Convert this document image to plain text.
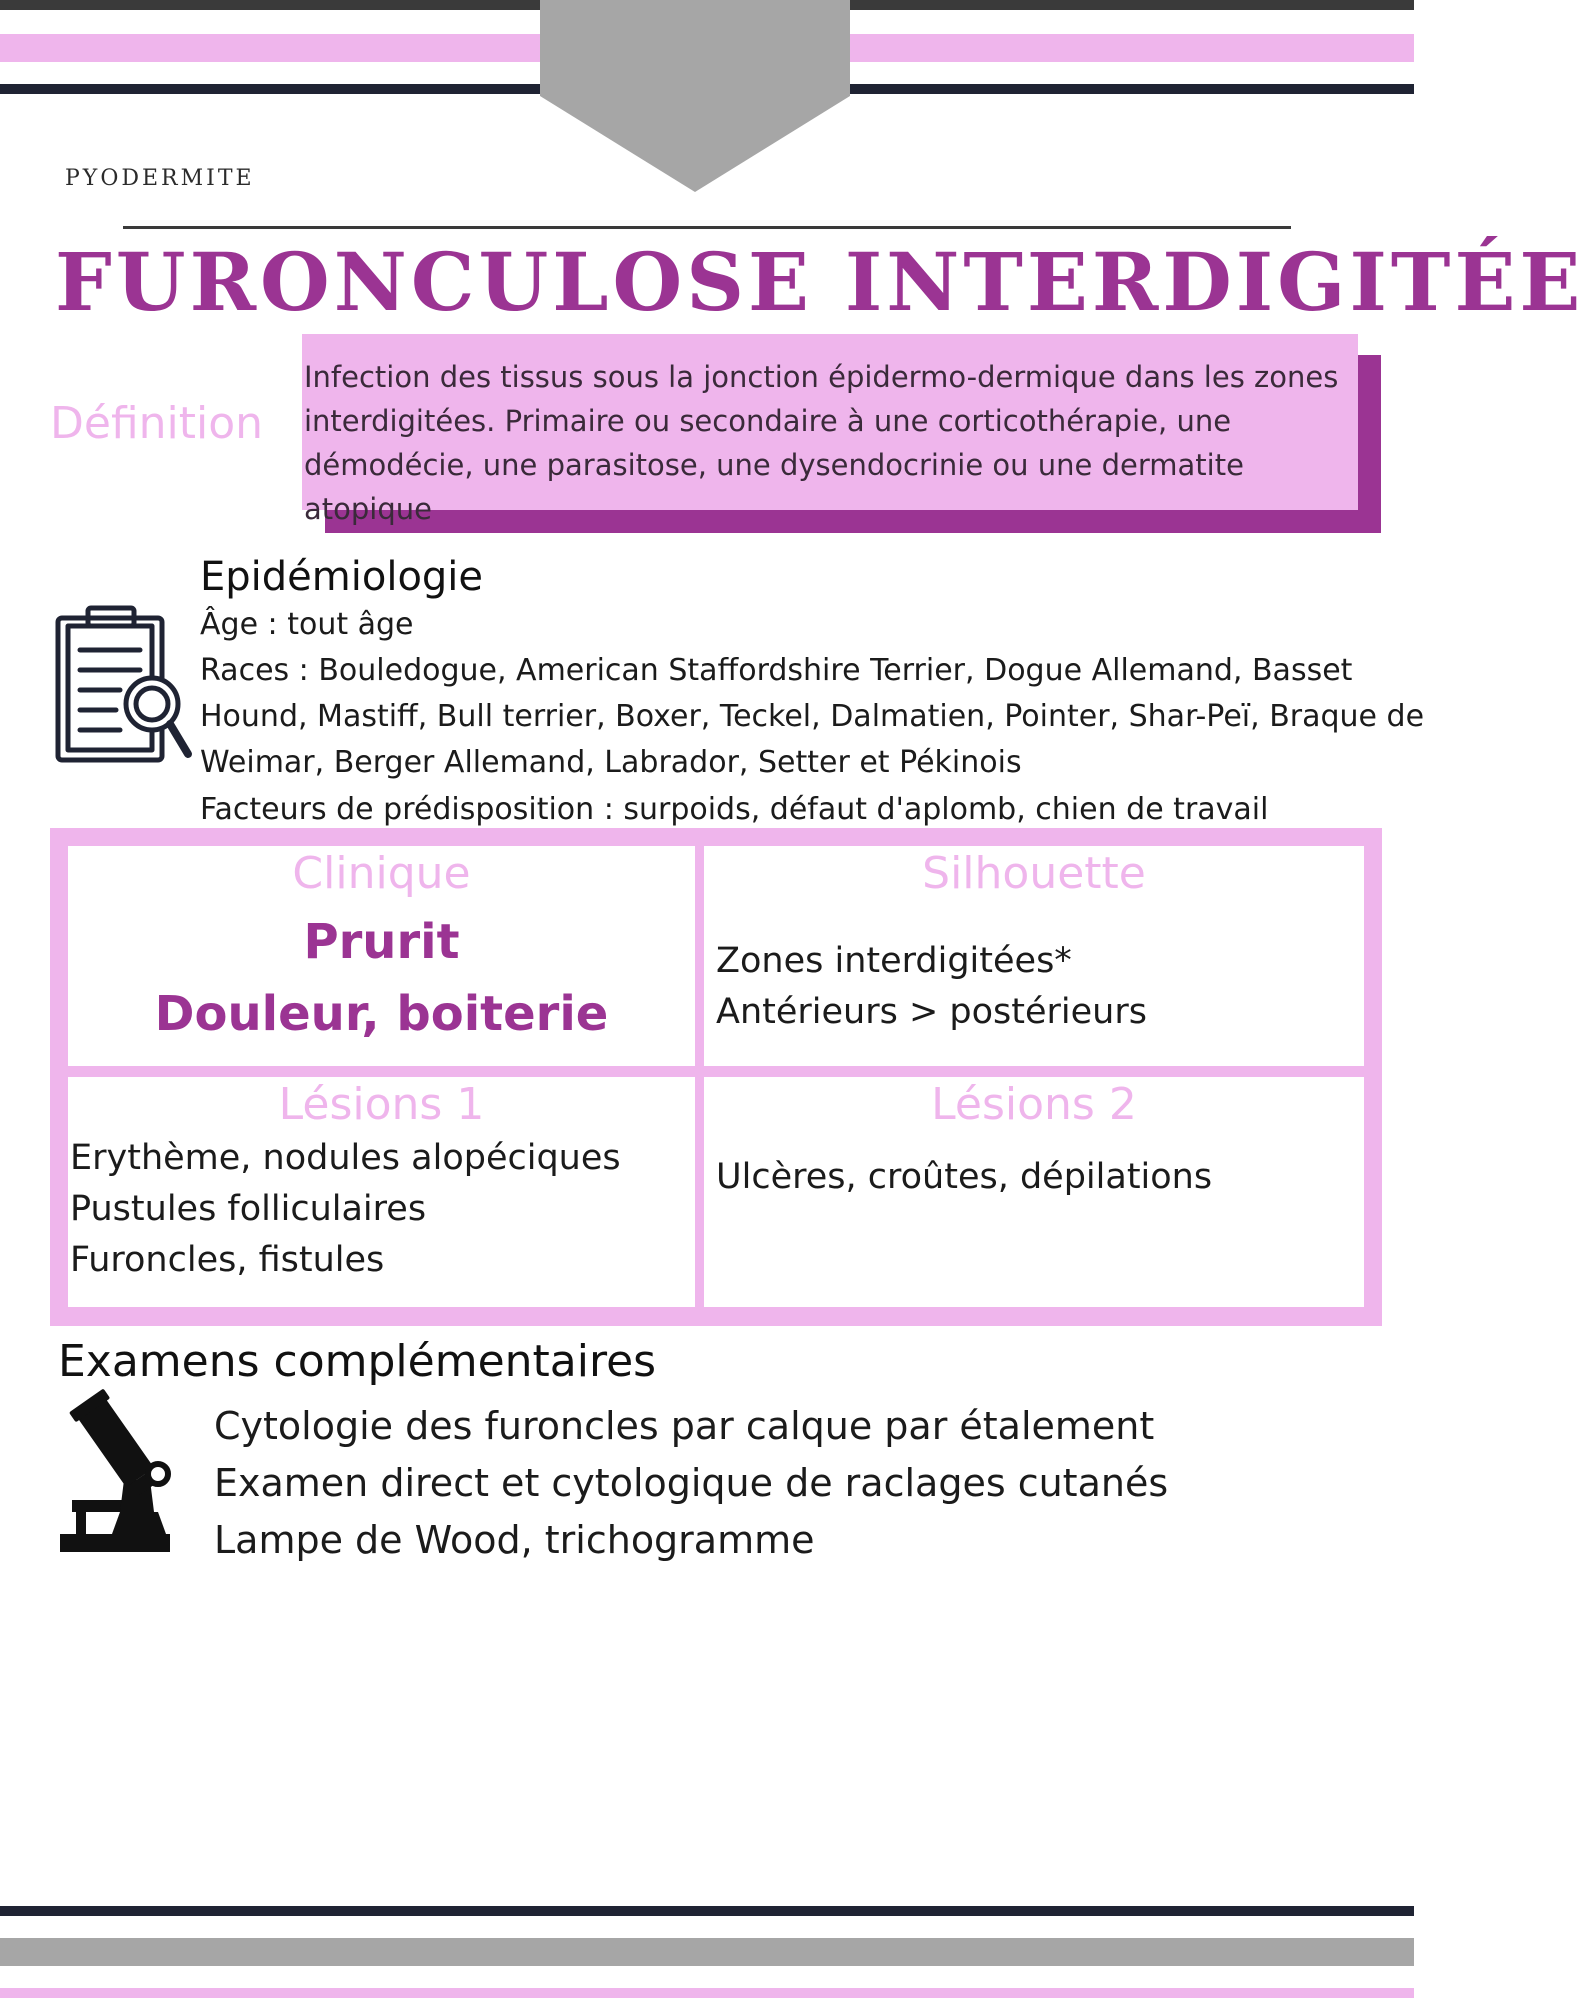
PYODERMITE
FURONCULOSE INTERDIGITÉE
Définition
Infection des tissus sous la jonction épidermo-dermique dans les zones
interdigitées. Primaire ou secondaire à une corticothérapie, une
démodécie, une parasitose, une dysendocrinie ou une dermatite atopique
Epidémiologie
Âge : tout âge
Races : Bouledogue, American Staffordshire Terrier, Dogue Allemand, Basset
Hound, Mastiff, Bull terrier, Boxer, Teckel, Dalmatien, Pointer, Shar-Peï, Braque de
Weimar, Berger Allemand, Labrador, Setter et Pékinois
Facteurs de prédisposition : surpoids, défaut d'aplomb, chien de travail
Clinique
Prurit
Douleur, boiterie
Silhouette
Zones interdigitées*
Antérieurs > postérieurs
Lésions 1
Erythème, nodules alopéciques
Pustules folliculaires
Furoncles, fistules
Lésions 2
Ulcères, croûtes, dépilations
Examens complémentaires
Cytologie des furoncles par calque par étalement
Examen direct et cytologique de raclages cutanés
Lampe de Wood, trichogramme
